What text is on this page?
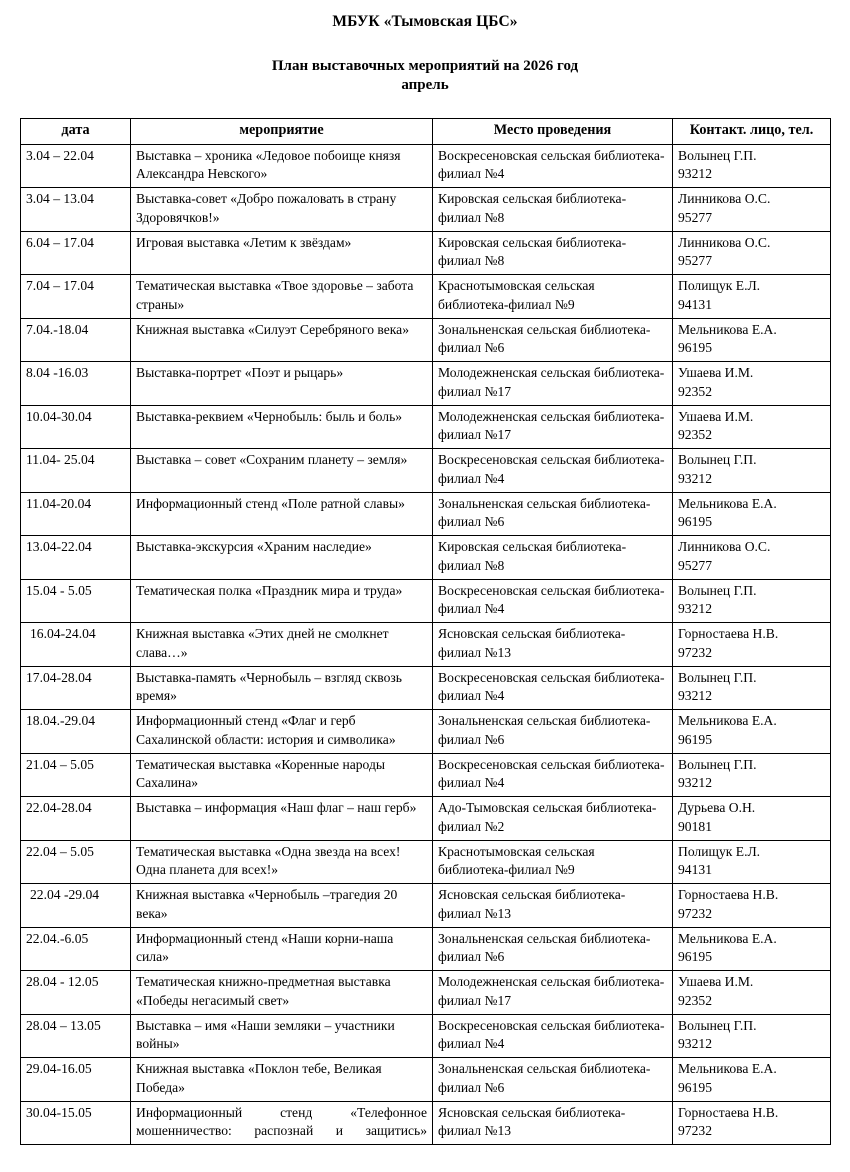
МБУК «Тымовская ЦБС»
План выставочных мероприятий на 2026 год
апрель
дата	мероприятие	Место проведения	Контакт. лицо, тел.
3.04 – 22.04	Выставка – хроника «Ледовое побоище князя Александра Невского»	Воскресеновская сельская библиотека-филиал №4	Волынец Г.П.
93212

3.04 – 13.04	Выставка-совет «Добро пожаловать в страну Здоровячков!»	Кировская сельская библиотека-филиал №8	Линникова О.С.
95277

6.04 – 17.04	Игровая выставка «Летим к звёздам»	Кировская сельская библиотека-филиал №8	Линникова О.С.
95277

7.04 – 17.04	Тематическая выставка «Твое здоровье – забота страны»	Краснотымовская сельская библиотека-филиал №9	Полищук Е.Л.
94131

7.04.-18.04	Книжная выставка «Силуэт Серебряного века»	Зональненская сельская библиотека-филиал №6	Мельникова Е.А.
96195

8.04 -16.03	Выставка-портрет «Поэт и рыцарь»	Молодежненская сельская библиотека-филиал №17	Ушаева И.М.
92352

10.04-30.04	Выставка-реквием «Чернобыль: быль и боль»	Молодежненская сельская библиотека-филиал №17	Ушаева И.М.
92352

11.04- 25.04	Выставка – совет «Сохраним планету – земля»	Воскресеновская сельская библиотека-филиал №4	Волынец Г.П.
93212

11.04-20.04	Информационный стенд «Поле ратной славы»	Зональненская сельская библиотека-филиал №6	Мельникова Е.А.
96195

13.04-22.04	Выставка-экскурсия «Храним наследие»	Кировская сельская библиотека-филиал №8	Линникова О.С.
95277

15.04 - 5.05	Тематическая полка «Праздник мира и труда»	Воскресеновская сельская библиотека-филиал №4	Волынец Г.П.
93212

16.04-24.04	Книжная выставка «Этих дней не смолкнет слава…»	Ясновская сельская библиотека-филиал №13	Горностаева Н.В.
97232

17.04-28.04	Выставка-память «Чернобыль – взгляд сквозь время»	Воскресеновская сельская библиотека-филиал №4	Волынец Г.П.
93212

18.04.-29.04	Информационный стенд «Флаг и герб Сахалинской области: история и символика»	Зональненская сельская библиотека-филиал №6	Мельникова Е.А.
96195

21.04 – 5.05	Тематическая выставка «Коренные народы Сахалина»	Воскресеновская сельская библиотека-филиал №4	Волынец Г.П.
93212

22.04-28.04	Выставка – информация «Наш флаг – наш герб»	Адо-Тымовская сельская библиотека-филиал №2	Дурьева О.Н.
90181

22.04 – 5.05	Тематическая выставка «Одна звезда на всех! Одна планета для всех!»	Краснотымовская сельская библиотека-филиал №9	Полищук Е.Л.
94131

22.04 -29.04	Книжная выставка «Чернобыль –трагедия 20 века»	Ясновская сельская библиотека-филиал №13	Горностаева Н.В.
97232

22.04.-6.05	Информационный стенд «Наши корни-наша сила»	Зональненская сельская библиотека-филиал №6	Мельникова Е.А.
96195

28.04 - 12.05	Тематическая книжно-предметная выставка «Победы негасимый свет»	Молодежненская сельская библиотека-филиал №17	Ушаева И.М.
92352

28.04 – 13.05	Выставка – имя «Наши земляки – участники войны»	Воскресеновская сельская библиотека-филиал №4	Волынец Г.П.
93212

29.04-16.05	Книжная выставка «Поклон тебе, Великая Победа»	Зональненская сельская библиотека-филиал №6	Мельникова Е.А.
96195

30.04-15.05	Информационный стенд «Телефонное мошенничество: распознай и защитись»	Ясновская сельская библиотека-филиал №13	Горностаева Н.В.
97232
